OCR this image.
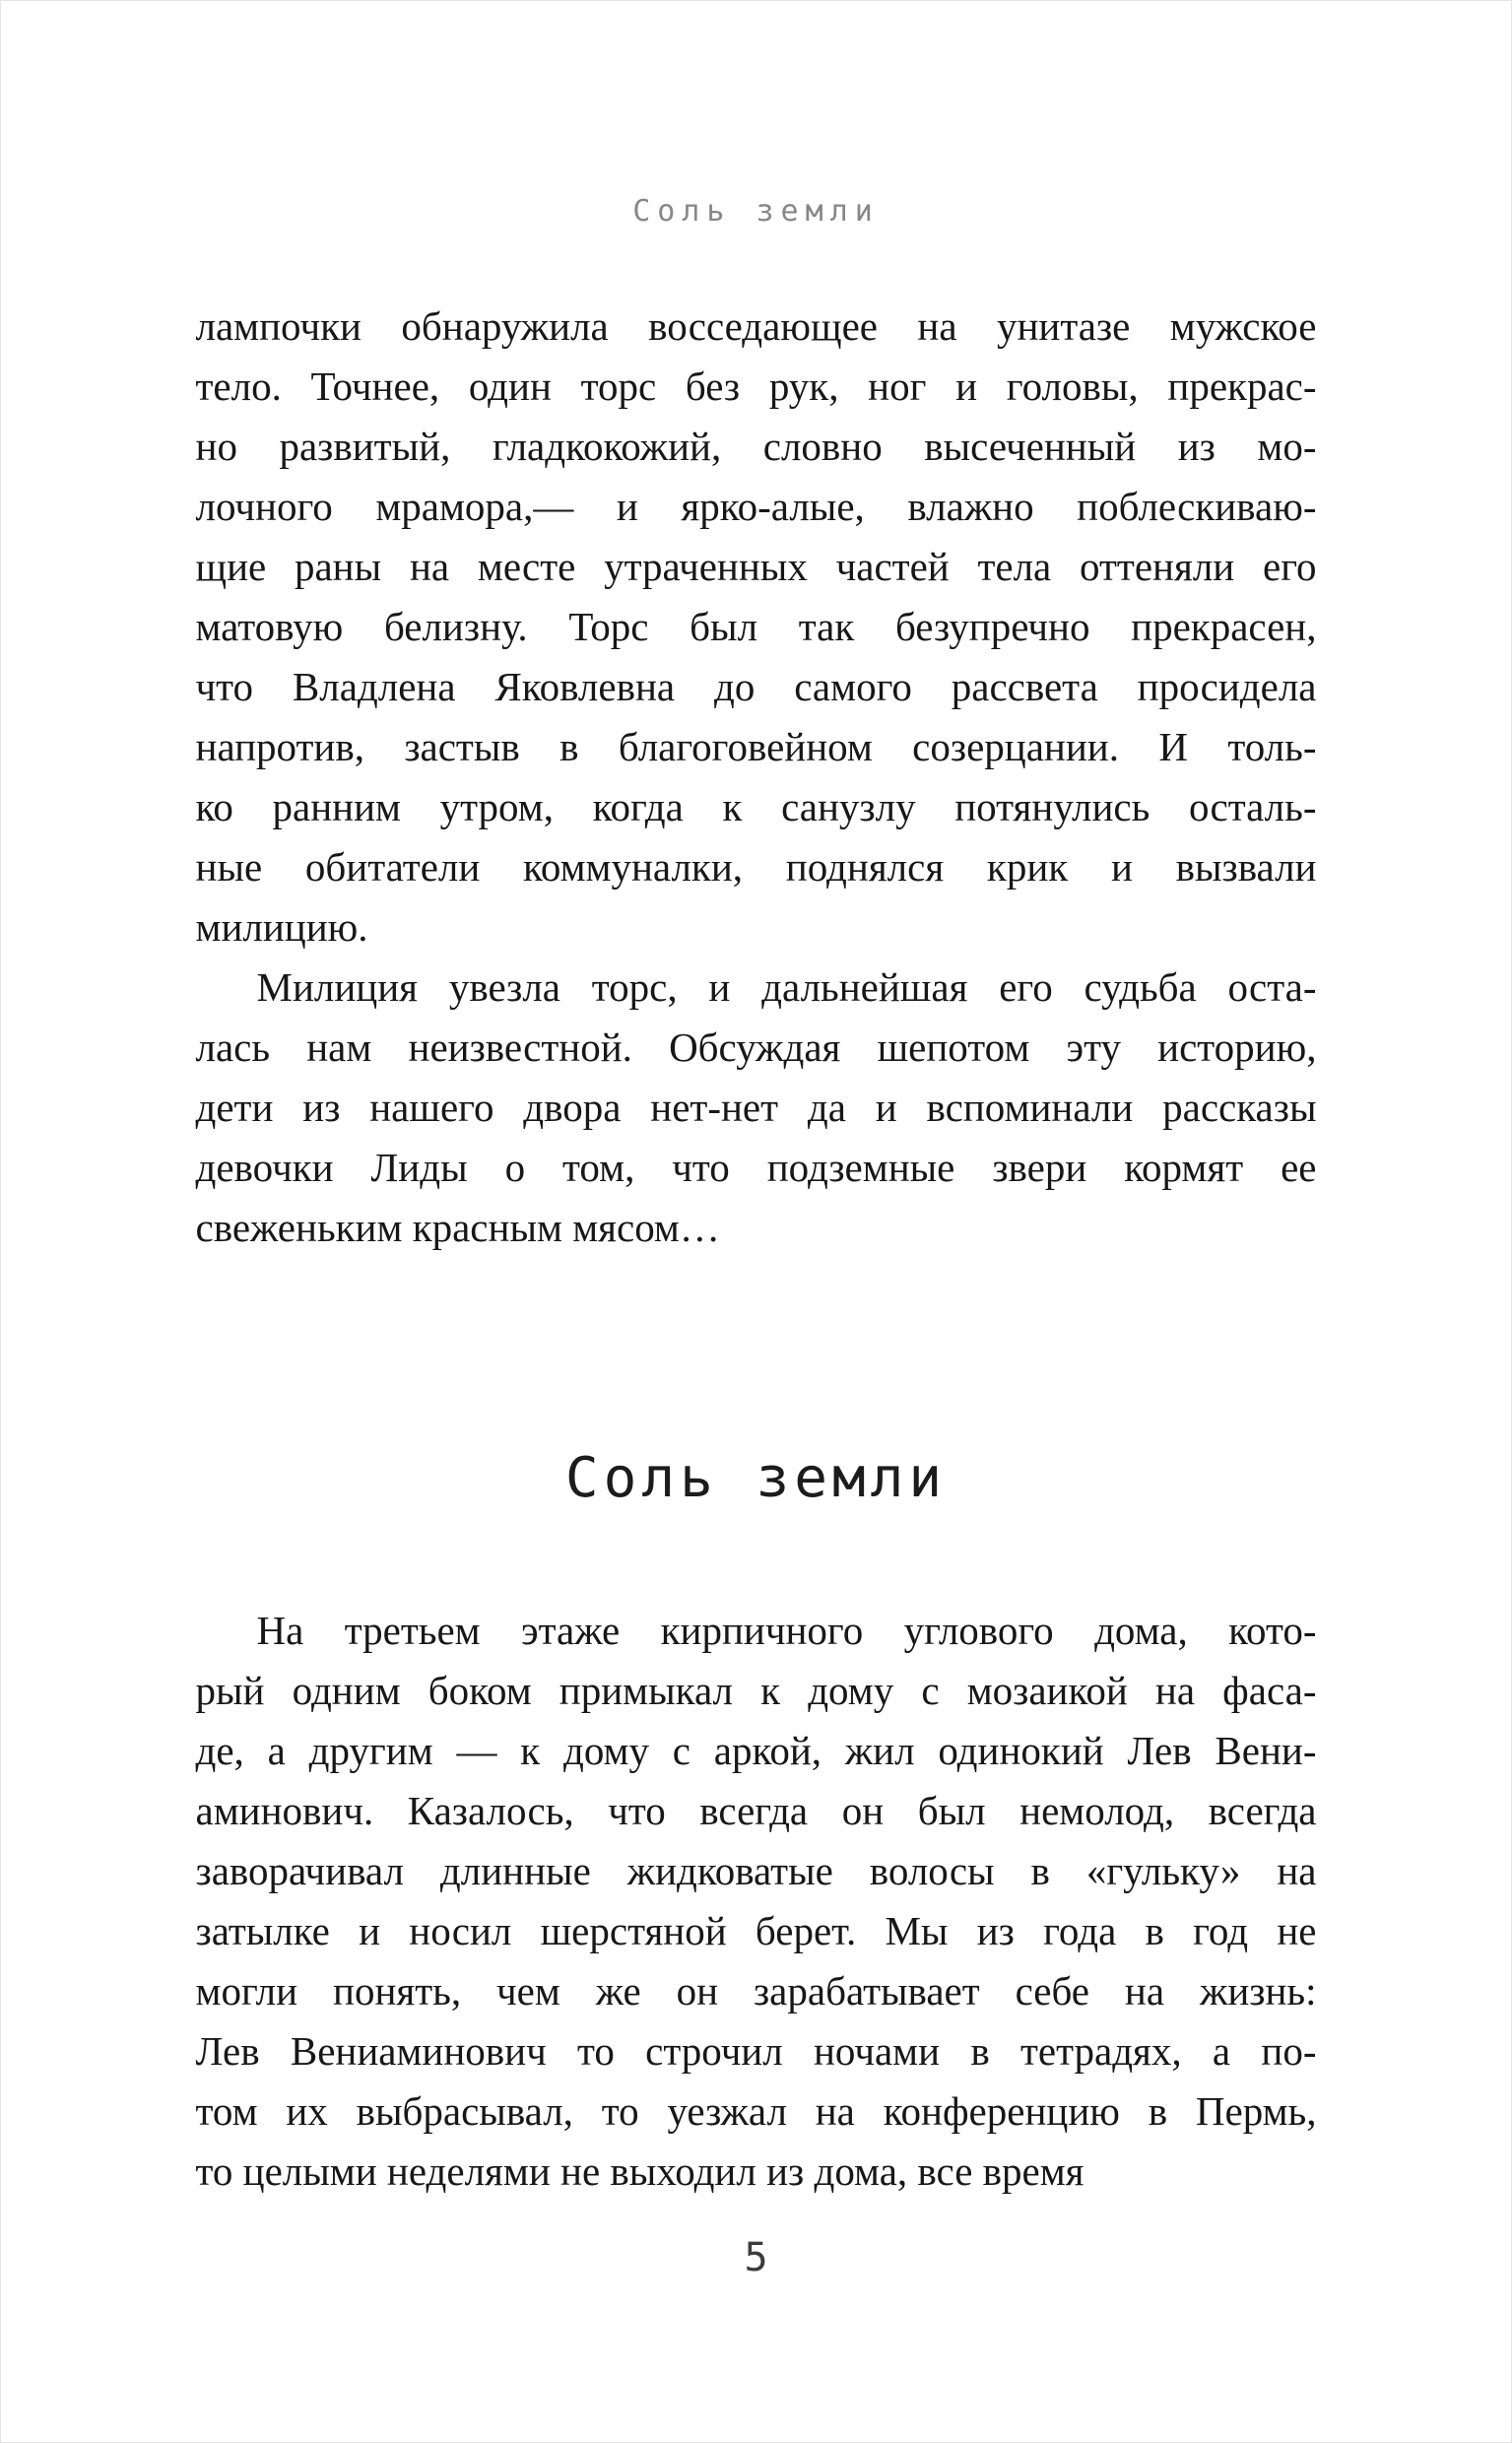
Соль земли
лампочки обнаружила восседающее на унитазе мужское
тело. Точнее, один торс без рук, ног и головы, прекрас-
но развитый, гладкокожий, словно высеченный из мо-
лочного мрамора,— и ярко-алые, влажно поблескиваю-
щие раны на месте утраченных частей тела оттеняли его
матовую белизну. Торс был так безупречно прекрасен,
что Владлена Яковлевна до самого рассвета просидела
напротив, застыв в благоговейном созерцании. И толь-
ко ранним утром, когда к санузлу потянулись осталь-
ные обитатели коммуналки, поднялся крик и вызвали
милицию.
Милиция увезла торс, и дальнейшая его судьба оста-
лась нам неизвестной. Обсуждая шепотом эту историю,
дети из нашего двора нет-нет да и вспоминали рассказы
девочки Лиды о том, что подземные звери кормят ее
свеженьким красным мясом…
Соль земли
На третьем этаже кирпичного углового дома, кото-
рый одним боком примыкал к дому с мозаикой на фаса-
де, а другим — к дому с аркой, жил одинокий Лев Вени-
аминович. Казалось, что всегда он был немолод, всегда
заворачивал длинные жидковатые волосы в «гульку» на
затылке и носил шерстяной берет. Мы из года в год не
могли понять, чем же он зарабатывает себе на жизнь:
Лев Вениаминович то строчил ночами в тетрадях, а по-
том их выбрасывал, то уезжал на конференцию в Пермь,
то целыми неделями не выходил из дома, все время
5
